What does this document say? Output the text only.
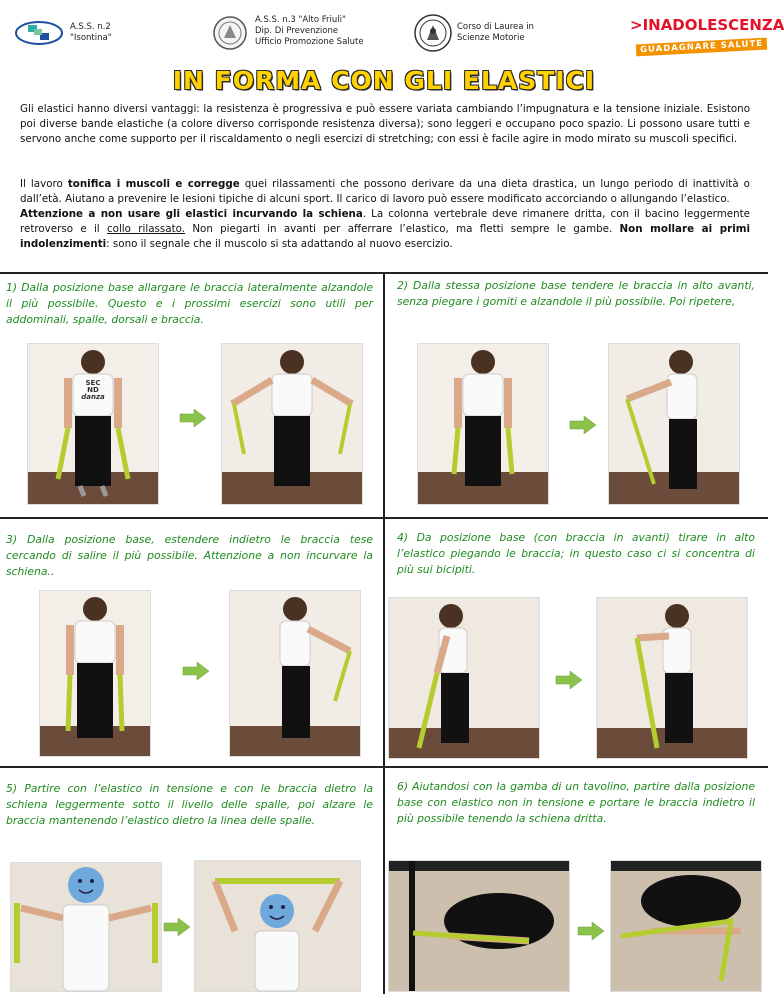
A.S.S. n.2
"Isontina"
A.S.S. n.3 "Alto Friuli"
Dip. Di Prevenzione
Ufficio Promozione Salute
Corso di Laurea in
Scienze Motorie
>INADOLESCENZA
GUADAGNARE SALUTE
IN FORMA CON GLI ELASTICI

Gli elastici hanno diversi vantaggi: la resistenza è progressiva e può essere variata cambiando l’impugnatura e la tensione iniziale. Esistono poi diverse bande elastiche (a colore diverso corrisponde resistenza diversa); sono leggeri e occupano poco spazio. Li possono usare tutti e servono anche come supporto per il riscaldamento o negli esercizi di stretching; con essi è facile agire in modo mirato su muscoli specifici.

Il lavoro tonifica i muscoli e corregge quei rilassamenti che possono derivare da una dieta drastica, un lungo periodo di inattività o dall’età. Aiutano a prevenire le lesioni tipiche di alcuni sport. Il carico di lavoro può essere modificato accorciando o allungando l’elastico.

Attenzione a non usare gli elastici incurvando la schiena. La colonna vertebrale deve rimanere dritta, con il bacino leggermente retroverso e il collo rilassato. Non piegarti in avanti per afferrare l’elastico, ma fletti sempre le gambe. Non mollare ai primi indolenzimenti: sono il segnale che il muscolo si sta adattando al nuovo esercizio.

1) Dalla posizione base allargare le braccia lateralmente alzandole il più possibile. Questo e i prossimi esercizi sono utili per addominali, spalle, dorsali e braccia.
2) Dalla stessa posizione base tendere le braccia in alto avanti, senza piegare i gomiti e alzandole il più possibile. Poi ripetere,
3) Dalla posizione base, estendere indietro le braccia tese cercando di salire il più possibile. Attenzione a non incurvare la schiena..
4) Da posizione base (con braccia in avanti) tirare in alto l’elastico piegando le braccia; in questo caso ci si concentra di più sui bicipiti.
5) Partire con l’elastico in tensione e con le braccia dietro la schiena leggermente sotto il livello delle spalle, poi alzare le braccia mantenendo l’elastico dietro la linea delle spalle.
6) Aiutandosi con la gamba di un tavolino, partire dalla posizione base con elastico non in tensione e portare le braccia indietro il più possibile tenendo la schiena dritta.
SEC
ND
danza
